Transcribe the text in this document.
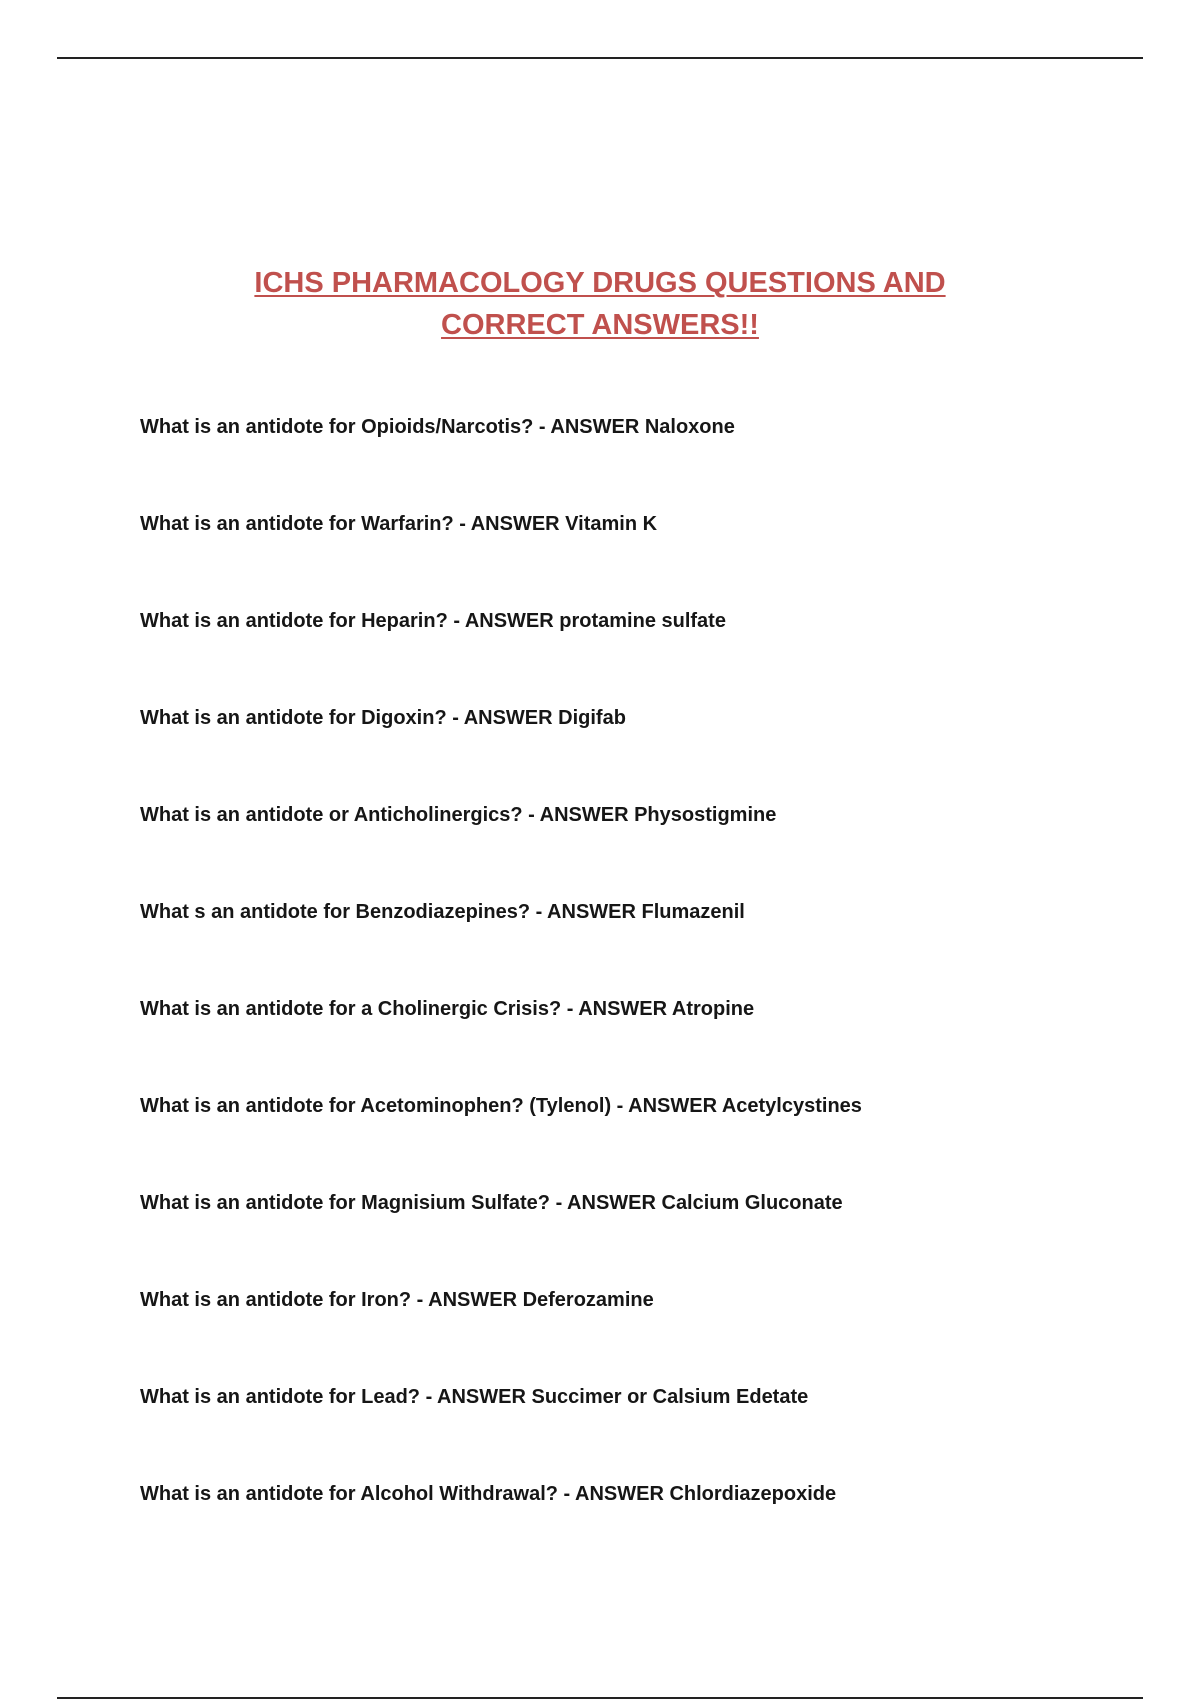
ICHS PHARMACOLOGY DRUGS QUESTIONS AND
CORRECT ANSWERS!!
What is an antidote for Opioids/Narcotis? - ANSWER Naloxone
What is an antidote for Warfarin? - ANSWER Vitamin K
What is an antidote for Heparin? - ANSWER protamine sulfate
What is an antidote for Digoxin? - ANSWER Digifab
What is an antidote or Anticholinergics? - ANSWER Physostigmine
What s an antidote for Benzodiazepines? - ANSWER Flumazenil
What is an antidote for a Cholinergic Crisis? - ANSWER Atropine
What is an antidote for Acetominophen? (Tylenol) - ANSWER Acetylcystines
What is an antidote for Magnisium Sulfate? - ANSWER Calcium Gluconate
What is an antidote for Iron? - ANSWER Deferozamine
What is an antidote for Lead? - ANSWER Succimer or Calsium Edetate
What is an antidote for Alcohol Withdrawal? - ANSWER Chlordiazepoxide
